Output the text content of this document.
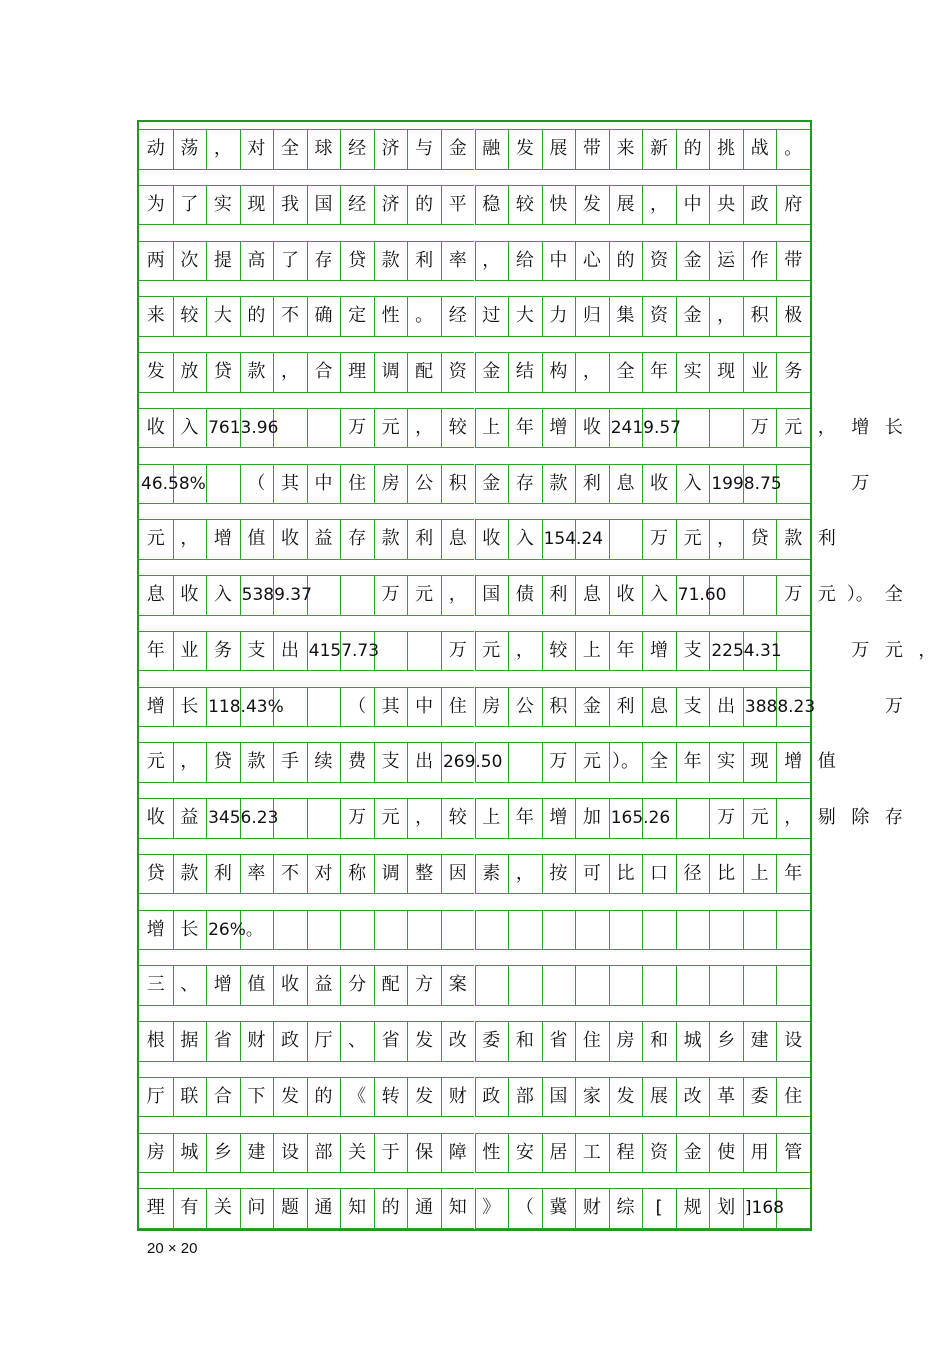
动 荡 ， 对 全 球 经 济 与 金 融 发 展 带 来 新 的 挑 战 。
为 了 实 现 我 国 经 济 的 平 稳 较 快 发 展 ， 中 央 政 府
两 次 提 高 了 存 贷 款 利 率 ， 给 中 心 的 资 金 运 作 带
来 较 大 的 不 确 定 性 。 经 过 大 力 归 集 资 金 ， 积 极
发 放 贷 款 ， 合 理 调 配 资 金 结 构 ， 全 年 实 现 业 务
收 入 7613.96	万 元 ， 较 上 年 增 收 2419.57	万 元 ， 增 长
46.58%	（ 其 中 住 房 公 积 金 存 款 利 息 收 入 1998.75	万
元 ， 增 值 收 益 存 款 利 息 收 入 154.24	万 元 ， 贷 款 利
息 收 入 5389.37	万 元 ， 国 债 利 息 收 入 71.60	万 元 ）。 全
年 业 务 支 出 4157.73	万 元 ， 较 上 年 增 支 2254.31	万 元 ，
增 长 118.43%	（ 其 中 住 房 公 积 金 利 息 支 出 3888.23	万
元 ， 贷 款 手 续 费 支 出 269.50	万 元 ）。 全 年 实 现 增 值
收 益 3456.23	万 元 ， 较 上 年 增 加 165.26	万 元 ， 剔 除 存
贷 款 利 率 不 对 称 调 整 因 素 ， 按 可 比 口 径 比 上 年
增 长 26%。
三 、 增 值 收 益 分 配 方 案
根 据 省 财 政 厅 、 省 发 改 委 和 省 住 房 和 城 乡 建 设
厅 联 合 下 发 的 《 转 发 财 政 部 国 家 发 展 改 革 委 住
房 城 乡 建 设 部 关 于 保 障 性 安 居 工 程 资 金 使 用 管
理 有 关 问 题 通 知 的 通 知 》 （ 冀 财 综	[	规 划 ]168
20 × 20
